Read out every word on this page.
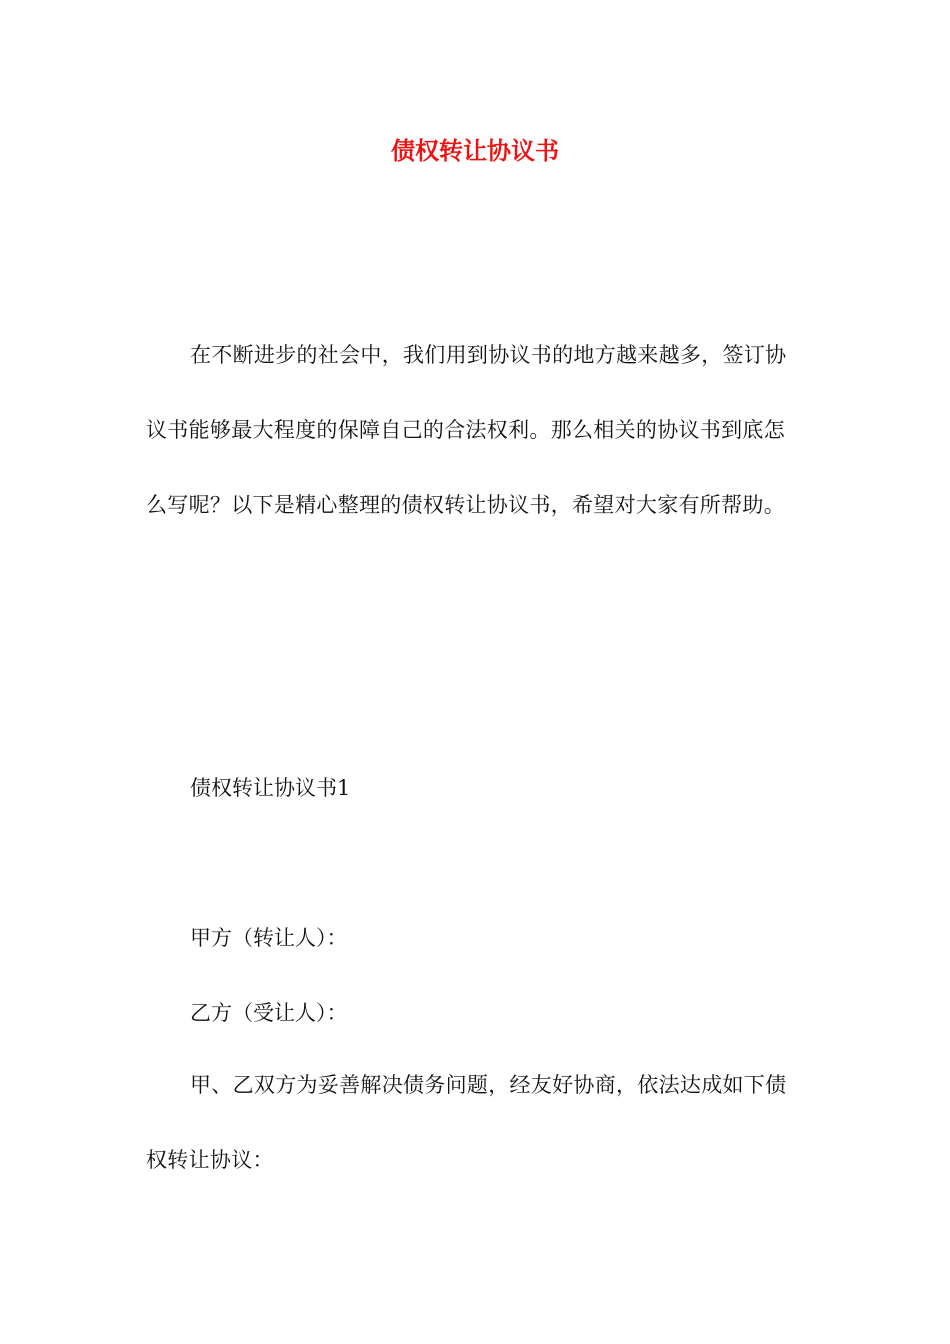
债权转让协议书

在不断进步的社会中，我们用到协议书的地方越来越多，签订协议书能够最大程度的保障自己的合法权利。那么相关的协议书到底怎么写呢？以下是精心整理的债权转让协议书，希望对大家有所帮助。

债权转让协议书1

甲方（转让人）：

乙方（受让人）：

甲、乙双方为妥善解决债务问题，经友好协商，依法达成如下债权转让协议：
